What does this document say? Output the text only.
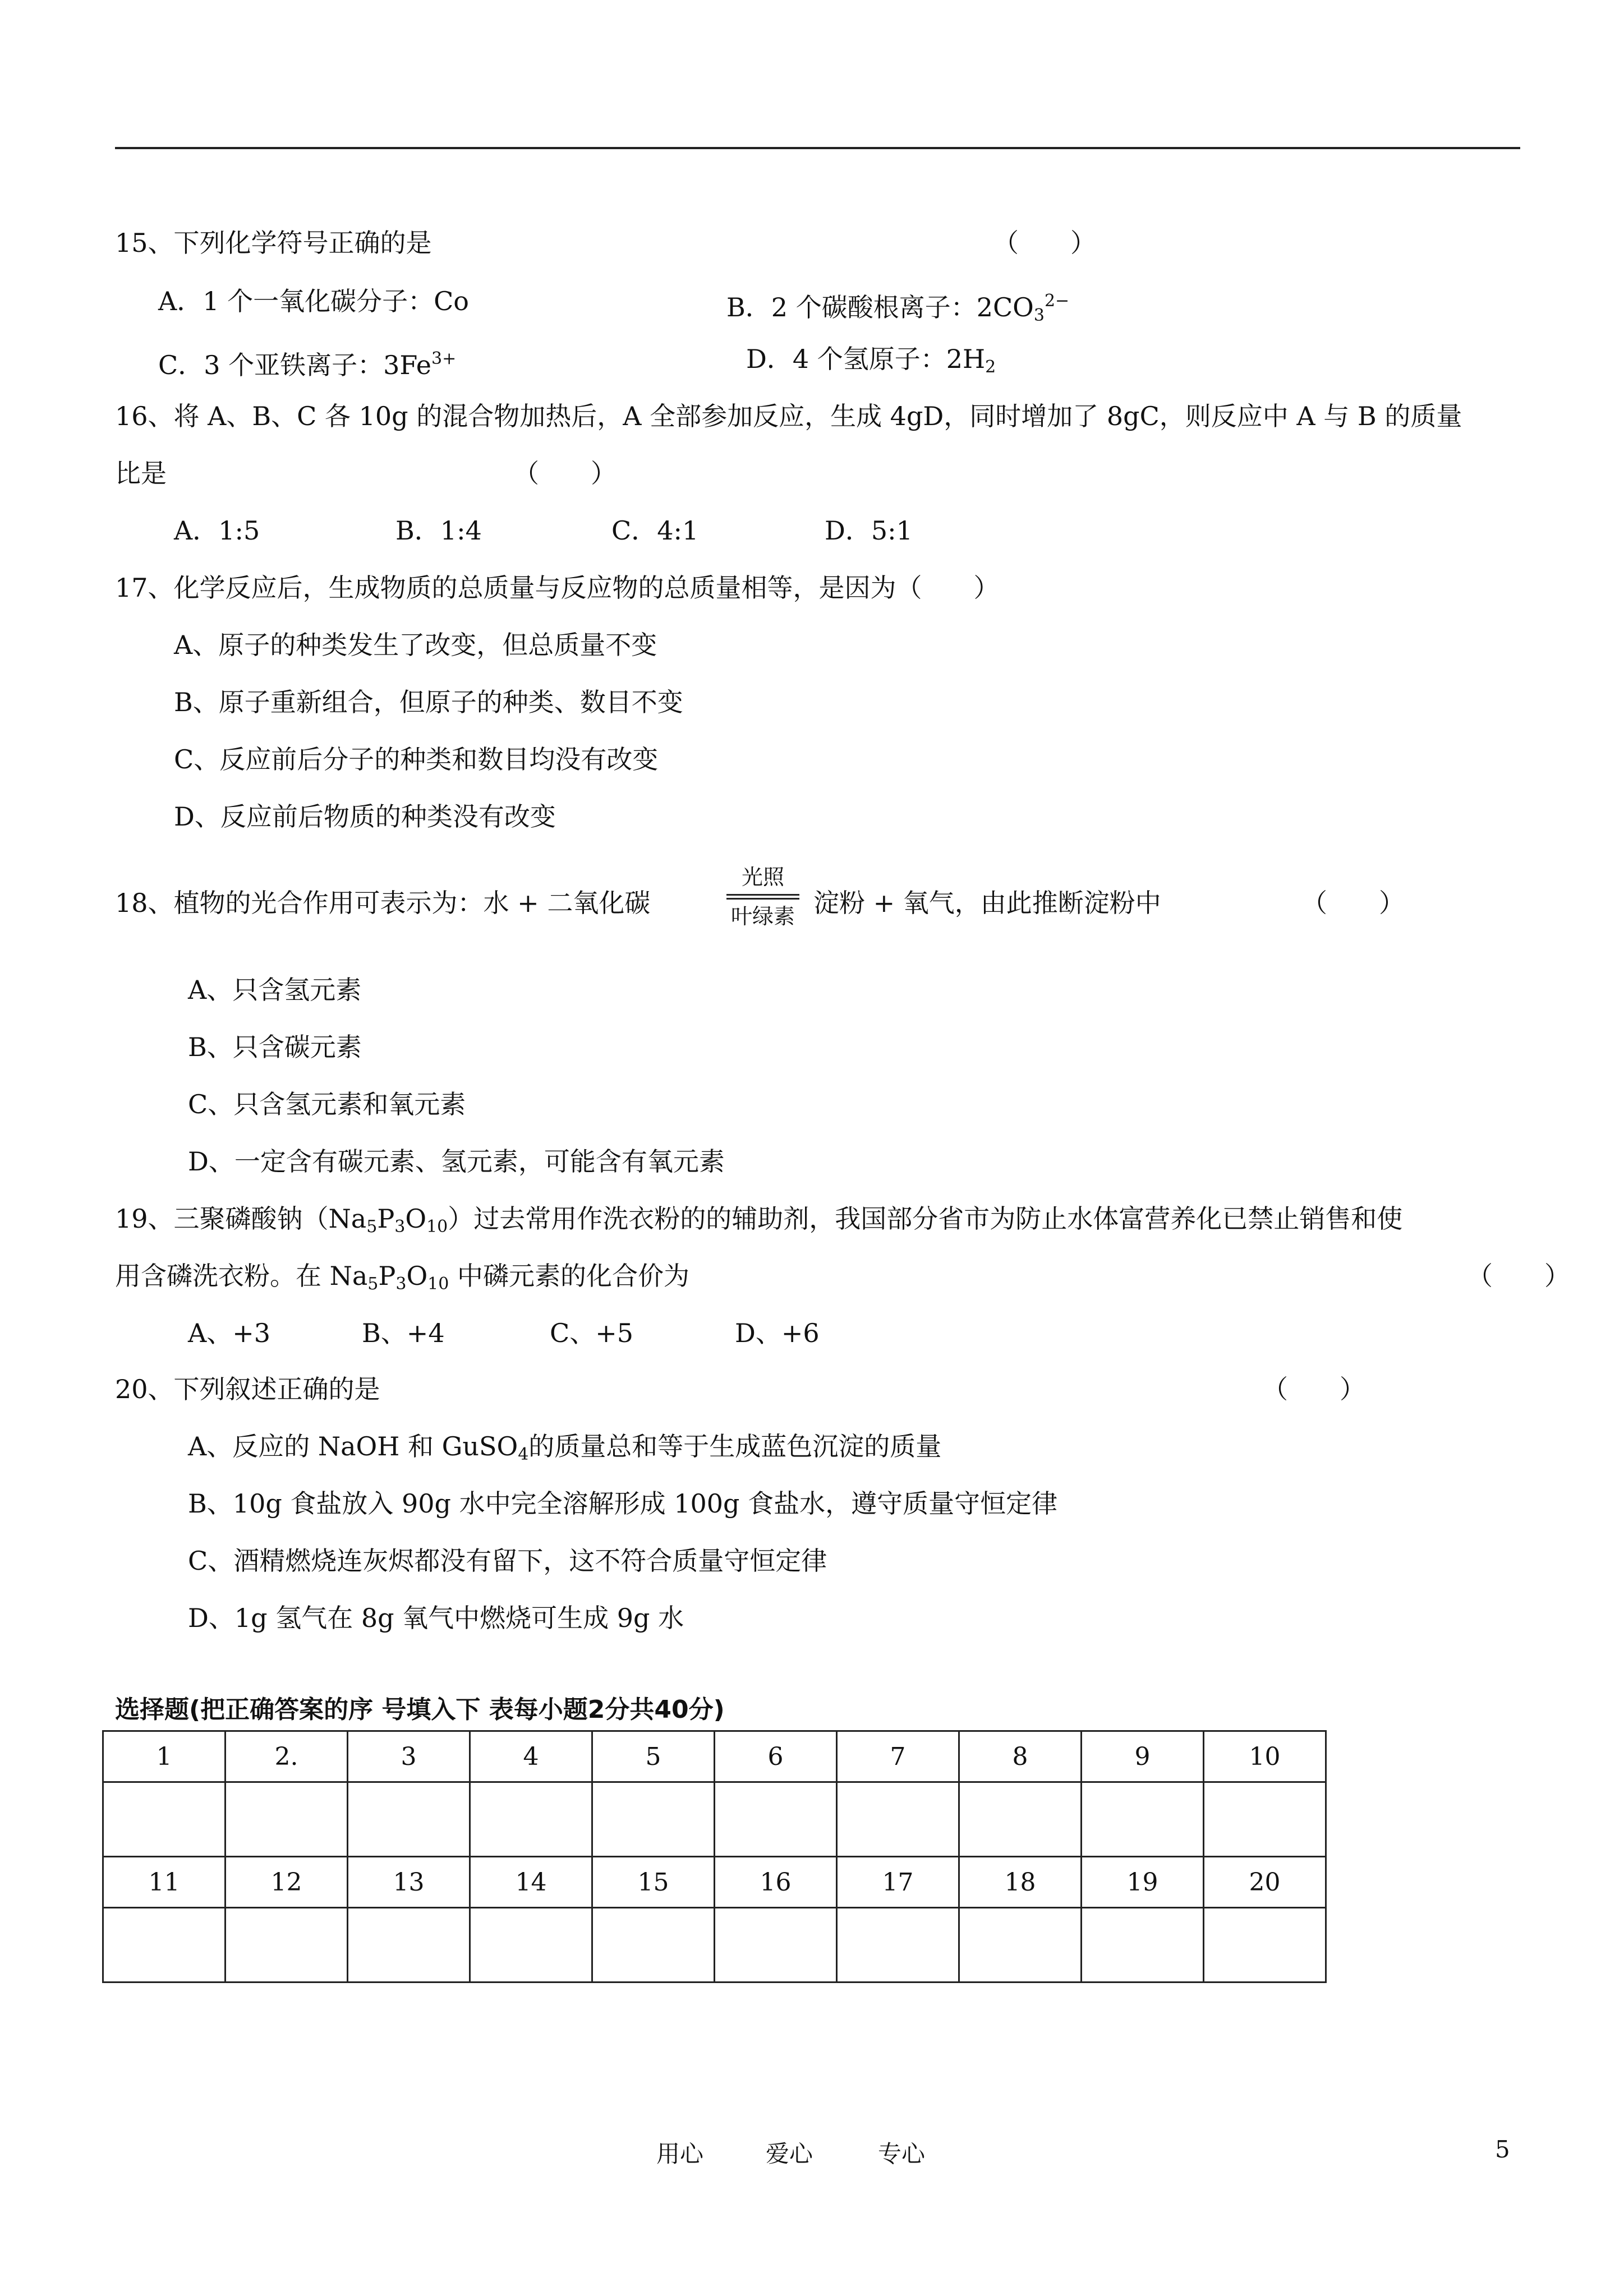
15、下列化学符号正确的是	（　　）
A．1 个一氧化碳分子：Co	B．2 个碳酸根离子：$2CO_3^{2-}$
C．3 个亚铁离子：$3Fe^{3+}$	D．4 个氢原子：$2H_2$
16、将 A、B、C 各 10g 的混合物加热后，A 全部参加反应，生成 4gD，同时增加了 8gC，则反应中 A 与 B 的质量
比是	（　　）
A．1:5	B．1:4	C．4:1	D．5:1
17、化学反应后，生成物质的总质量与反应物的总质量相等，是因为（　　）
A、原子的种类发生了改变，但总质量不变
B、原子重新组合，但原子的种类、数目不变
C、反应前后分子的种类和数目均没有改变
D、反应前后物质的种类没有改变
18、植物的光合作用可表示为：水 + 二氧化碳
光照
叶绿素 淀粉 + 氧气，由此推断淀粉中	（　　）
A、只含氢元素
B、只含碳元素
C、只含氢元素和氧元素
D、一定含有碳元素、氢元素，可能含有氧元素
19、三聚磷酸钠$(Na_5P_3O_{10})$过去常用作洗衣粉的的辅助剂，我国部分省市为防止水体富营养化已禁止销售和使
用含磷洗衣粉。在 $Na_5P_3O_{10}$ 中磷元素的化合价为	（　　）
A、+3	B、+4	C、+5	D、+6
20、下列叙述正确的是	（　　）
A、反应的 NaOH 和 GuSO$_4$的质量总和等于生成蓝色沉淀的质量
B、10g 食盐放入 90g 水中完全溶解形成 100g 食盐水，遵守质量守恒定律
C、酒精燃烧连灰烬都没有留下，这不符合质量守恒定律
D、1g 氢气在 8g 氧气中燃烧可生成 9g 水
选择题(把正确答案的序 号填入下 表每小题2分共40分)
1	2.	3	4	5	6	7	8	9	10

11	12	13	14	15	16	17	18	19	20

用心	爱心	专心	5
